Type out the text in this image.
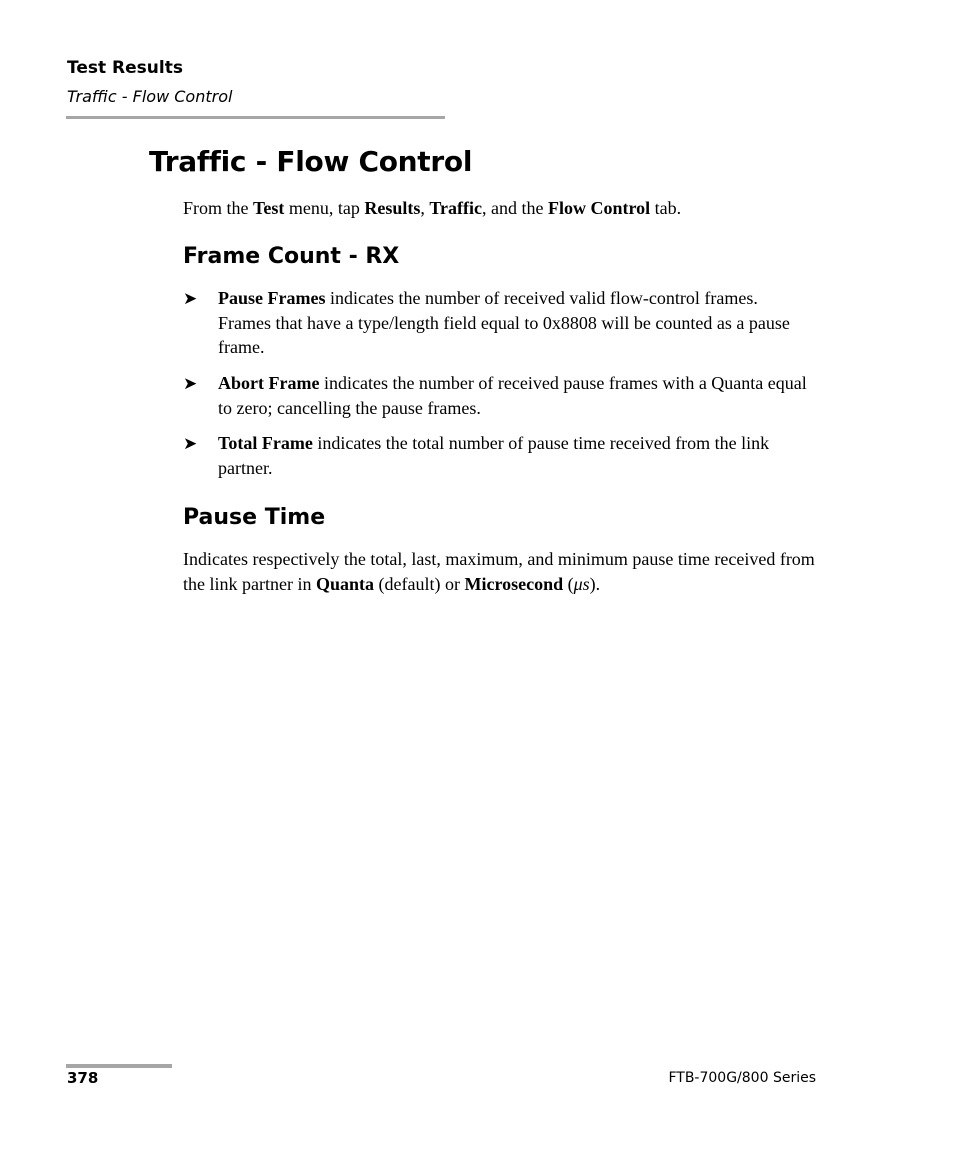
Test Results
Traffic - Flow Control
Traffic - Flow Control

From the Test menu, tap Results, Traffic, and the Flow Control tab.

Frame Count - RX
➤ Pause Frames indicates the number of received valid flow-control frames. Frames that have a type/length field equal to 0x8808 will be counted as a pause frame.
➤ Abort Frame indicates the number of received pause frames with a Quanta equal to zero; cancelling the pause frames.
➤ Total Frame indicates the total number of pause time received from the link partner.
Pause Time

Indicates respectively the total, last, maximum, and minimum pause time received from the link partner in Quanta (default) or Microsecond (μs).

378	FTB-700G/800 Series
